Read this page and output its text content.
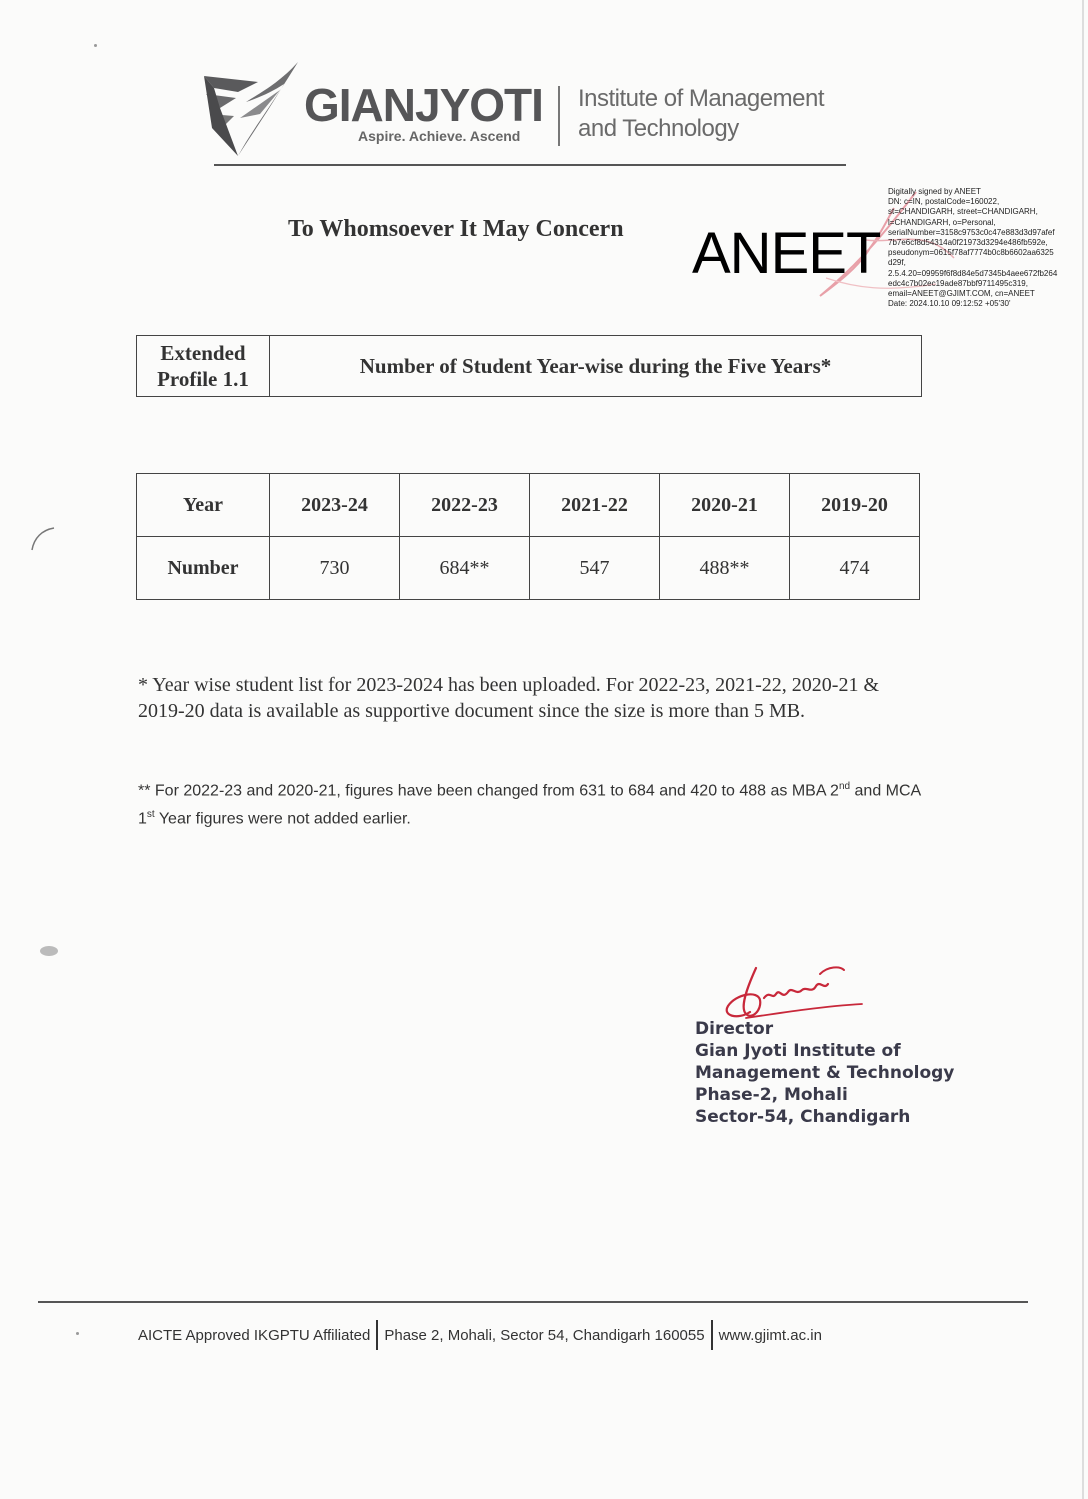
GIANJYOTI
Aspire. Achieve. Ascend
Institute of Management
and Technology
To Whomsoever It May Concern ANEET
Digitally signed by ANEET
DN: c=IN, postalCode=160022,
st=CHANDIGARH, street=CHANDIGARH,
l=CHANDIGARH, o=Personal,
serialNumber=3158c9753c0c47e883d3d97afef
7b7e6cf8d54314a0f21973d3294e486fb592e,
pseudonym=0615f78af7774b0c8b6602aa6325
d29f,
2.5.4.20=09959f6f8d84e5d7345b4aee672fb264
edc4c7b02ec19ade87bbf9711495c319,
email=ANEET@GJIMT.COM, cn=ANEET
Date: 2024.10.10 09:12:52 +05'30'
Extended
Profile 1.1
Number of Student Year-wise during the Five Years*
Year	2023-24	2022-23	2021-22	2020-21	2019-20
Number	730	684**	547	488**	474
* Year wise student list for 2023-2024 has been uploaded. For 2022-23, 2021-22, 2020-21 & 2019-20 data is available as supportive document since the size is more than 5 MB.
** For 2022-23 and 2020-21, figures have been changed from 631 to 684 and 420 to 488 as MBA 2nd and MCA 1st Year figures were not added earlier.
Director
Gian Jyoti Institute of
Management & Technology
Phase-2, Mohali
Sector-54, Chandigarh
AICTE Approved IKGPTU Affiliated Phase 2, Mohali, Sector 54, Chandigarh 160055 www.gjimt.ac.in
